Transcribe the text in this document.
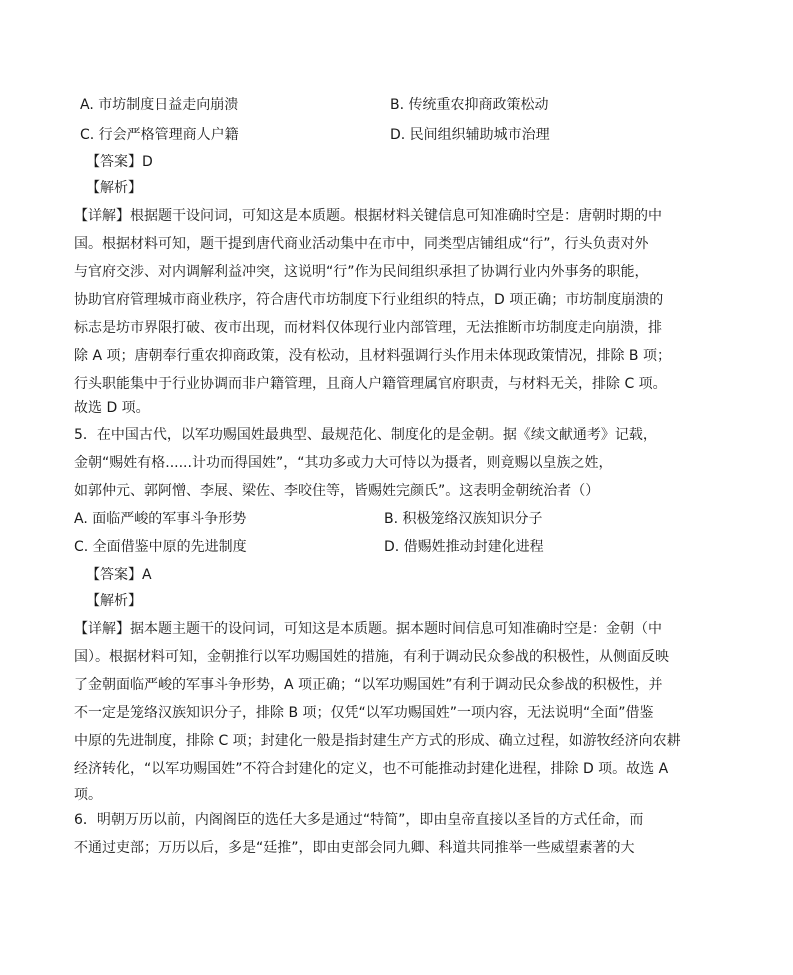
A. 市坊制度日益走向崩溃	B. 传统重农抑商政策松动
C. 行会严格管理商人户籍	D. 民间组织辅助城市治理
【答案】D
【解析】
【详解】根据题干设问词，可知这是本质题。根据材料关键信息可知准确时空是：唐朝时期的中
国。根据材料可知，题干提到唐代商业活动集中在市中，同类型店铺组成“行”，行头负责对外
与官府交涉、对内调解利益冲突，这说明“行”作为民间组织承担了协调行业内外事务的职能，
协助官府管理城市商业秩序，符合唐代市坊制度下行业组织的特点，D 项正确；市坊制度崩溃的
标志是坊市界限打破、夜市出现，而材料仅体现行业内部管理，无法推断市坊制度走向崩溃，排
除 A 项；唐朝奉行重农抑商政策，没有松动，且材料强调行头作用未体现政策情况，排除 B 项；
行头职能集中于行业协调而非户籍管理，且商人户籍管理属官府职责，与材料无关，排除 C 项。
故选 D 项。
5．在中国古代，以军功赐国姓最典型、最规范化、制度化的是金朝。据《续文献通考》记载，
金朝“赐姓有格......计功而得国姓”，“其功多或力大可恃以为摄者，则竟赐以皇族之姓，
如郭仲元、郭阿憎、李展、梁佐、李咬住等，皆赐姓完颜氏”。这表明金朝统治者（）
A. 面临严峻的军事斗争形势	B. 积极笼络汉族知识分子
C. 全面借鉴中原的先进制度	D. 借赐姓推动封建化进程
【答案】A
【解析】
【详解】据本题主题干的设问词，可知这是本质题。据本题时间信息可知准确时空是：金朝（中
国）。根据材料可知，金朝推行以军功赐国姓的措施，有利于调动民众参战的积极性，从侧面反映
了金朝面临严峻的军事斗争形势，A 项正确；“以军功赐国姓”有利于调动民众参战的积极性，并
不一定是笼络汉族知识分子，排除 B 项；仅凭“以军功赐国姓”一项内容，无法说明“全面”借鉴
中原的先进制度，排除 C 项；封建化一般是指封建生产方式的形成、确立过程，如游牧经济向农耕
经济转化，“以军功赐国姓”不符合封建化的定义，也不可能推动封建化进程，排除 D 项。故选 A
项。
6．明朝万历以前，内阁阁臣的选任大多是通过“特简”，即由皇帝直接以圣旨的方式任命，而
不通过吏部；万历以后，多是“廷推”，即由吏部会同九卿、科道共同推举一些威望素著的大
